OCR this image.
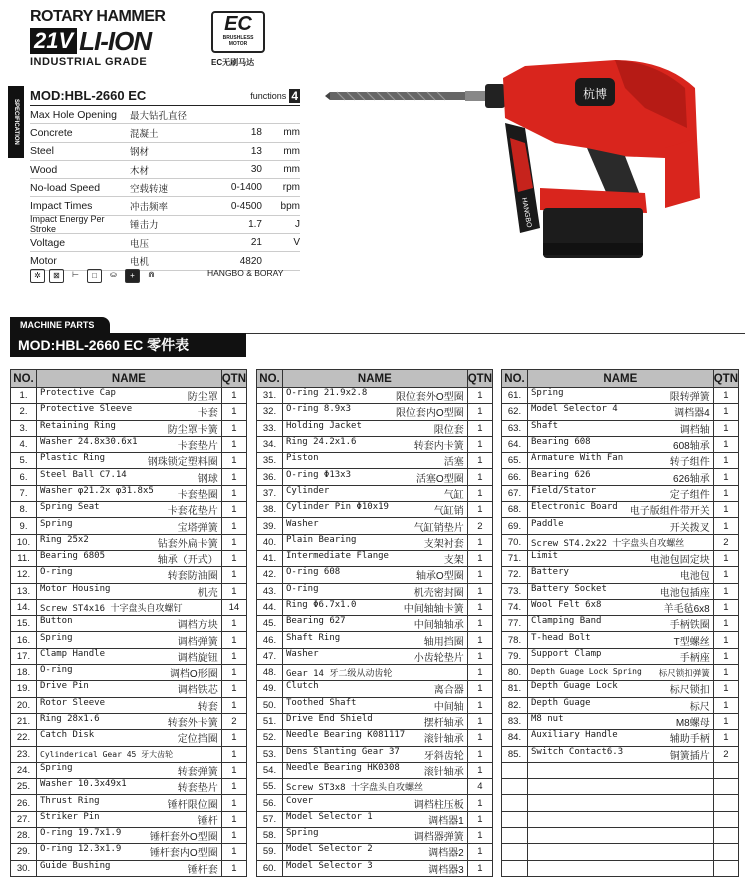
ROTARY HAMMER
21V LI-ION
INDUSTRIAL GRADE
EC
BRUSHLESS
MOTOR
EC无刷马达
SPECIFICATION
MOD:HBL-2660 EC	functions 4
Max Hole Opening	最大钻孔直径
Concrete	混凝土	18	mm
Steel	钢材	13	mm
Wood	木材	30	mm
No-load Speed	空载转速	0-1400	rpm
Impact Times	冲击频率	0-4500	bpm
Impact Energy Per Stroke	锤击力	1.7	J
Voltage	电压	21	V
Motor	电机	4820
✲	⊠	⊢	□	⛀	+	⋒	HANGBO & BORAY
杭博
HANGBO
MACHINE PARTS
MOD:HBL-2660 EC 零件表
NO.	NAME	QTN
1.	Protective Cap 防尘罩	1
2.	Protective Sleeve 卡套	1
3.	Retaining Ring 防尘罩卡簧	1
4.	Washer 24.8x30.6x1 卡套垫片	1
5.	Plastic Ring 钢珠锁定塑料圈	1
6.	Steel Ball C7.14 钢球	1
7.	Washer φ21.2x φ31.8x5 卡套垫圈	1
8.	Spring Seat 卡套花垫片	1
9.	Spring 宝塔弹簧	1
10.	Ring 25x2 钻套外扁卡簧	1
11.	Bearing 6805 轴承（开式）	1
12.	O-ring 转套防油圈	1
13.	Motor Housing 机壳	1
14.	Screw ST4x16 十字盘头自攻螺钉	14
15.	Button 调档方块	1
16.	Spring 调档弹簧	1
17.	Clamp Handle 调档旋钮	1
18.	O-ring 调档O形圈	1
19.	Drive Pin 调档铁芯	1
20.	Rotor Sleeve 转套	1
21.	Ring 28x1.6 转套外卡簧	2
22.	Catch Disk 定位挡圈	1
23.	Cylinderical Gear 45 牙大齿轮	1
24.	Spring 转套弹簧	1
25.	Washer 10.3x49x1 转套垫片	1
26.	Thrust Ring 锤杆限位圈	1
27.	Striker Pin 锤杆	1
28.	O-ring 19.7x1.9 锤杆套外O型圈	1
29.	O-ring 12.3x1.9 锤杆套内O型圈	1
30.	Guide Bushing 锤杆套	1
NO.	NAME	QTN
31.	O-ring 21.9x2.8 限位套外O型圈	1
32.	O-ring 8.9x3 限位套内O型圈	1
33.	Holding Jacket 限位套	1
34.	Ring 24.2x1.6 转套内卡簧	1
35.	Piston 活塞	1
36.	O-ring Φ13x3 活塞O型圈	1
37.	Cylinder 气缸	1
38.	Cylinder Pin Φ10x19 气缸销	1
39.	Washer 气缸销垫片	2
40.	Plain Bearing 支架衬套	1
41.	Intermediate Flange 支架	1
42.	O-ring 608 轴承O型圈	1
43.	O-ring 机壳密封圈	1
44.	Ring Φ6.7x1.0 中间轴轴卡簧	1
45.	Bearing 627 中间轴轴承	1
46.	Shaft Ring 轴用挡圈	1
47.	Washer 小齿轮垫片	1
48.	Gear 14 牙二级从动齿轮	1
49.	Clutch 离合器	1
50.	Toothed Shaft 中间轴	1
51.	Drive End Shield 摆杆轴承	1
52.	Needle Bearing K081117 滚针轴承	1
53.	Dens Slanting Gear 37 牙斜齿轮	1
54.	Needle Bearing HK0308 滚针轴承	1
55.	Screw ST3x8 十字盘头自攻螺丝	4
56.	Cover 调档柱压板	1
57.	Model Selector 1 调档器1	1
58.	Spring 调档器弹簧	1
59.	Model Selector 2 调档器2	1
60.	Model Selector 3 调档器3	1
NO.	NAME	QTN
61.	Spring 限转弹簧	1
62.	Model Selector 4 调档器4	1
63.	Shaft 调档轴	1
64.	Bearing 608 608轴承	1
65.	Armature With Fan 转子组件	1
66.	Bearing 626 626轴承	1
67.	Field/Stator 定子组件	1
68.	Electronic Board 电子版组件带开关	1
69.	Paddle 开关拨叉	1
70.	Screw ST4.2x22 十字盘头自攻螺丝	2
71.	Limit 电池包固定块	1
72.	Battery 电池包	1
73.	Battery Socket 电池包插座	1
74.	Wool Felt 6x8 羊毛毡6x8	1
77.	Clamping Band 手柄铁圈	1
78.	T-head Bolt T型螺丝	1
79.	Support Clamp 手柄座	1
80.	Depth Guage Lock Spring 标尺锁扣弹簧	1
81.	Depth Guage Lock 标尺锁扣	1
82.	Depth Guage 标尺	1
83.	M8 nut M8螺母	1
84.	Auxiliary Handle 辅助手柄	1
85.	Switch Contact6.3 铜簧插片	2
